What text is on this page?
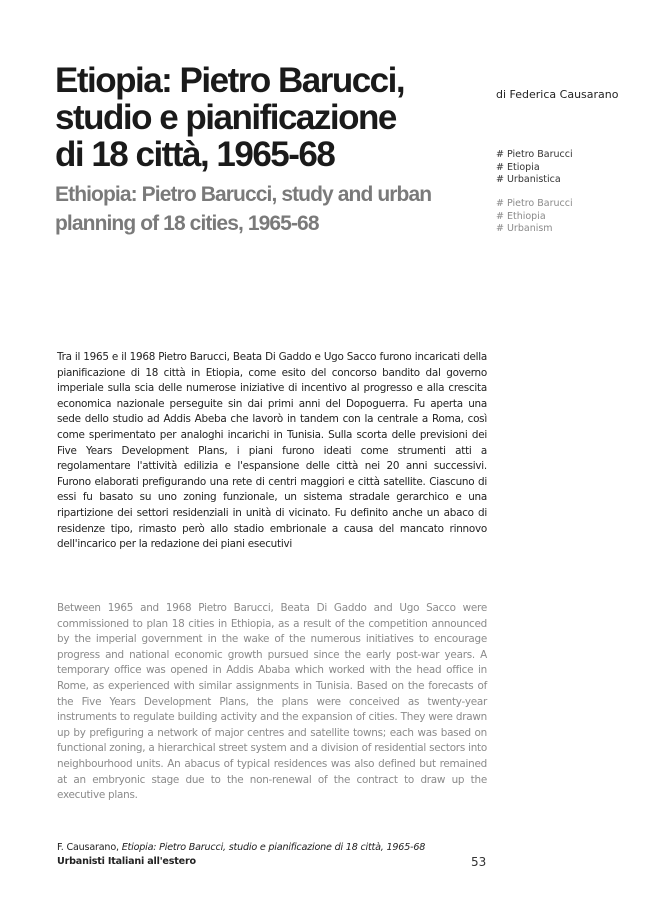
Etiopia: Pietro Barucci,
studio e pianificazione
di 18 città, 1965-68
Ethiopia: Pietro Barucci, study and urban
planning of 18 cities, 1965-68
di Federica Causarano
# Pietro Barucci
# Etiopia
# Urbanistica
# Pietro Barucci
# Ethiopia
# Urbanism

Tra il 1965 e il 1968 Pietro Barucci, Beata Di Gaddo e Ugo Sacco furono incaricati della pianificazione di 18 città in Etiopia, come esito del concorso bandito dal governo imperiale sulla scia delle numerose iniziative di incentivo al progresso e alla crescita economica nazionale perseguite sin dai primi anni del Dopoguerra. Fu aperta una sede dello studio ad Addis Abeba che lavorò in tandem con la centrale a Roma, così come sperimentato per analoghi incarichi in Tunisia. Sulla scorta delle previsioni dei Five Years Development Plans, i piani furono ideati come strumenti atti a regolamentare l'attività edilizia e l'espansione delle città nei 20 anni successivi. Furono elaborati prefigurando una rete di centri maggiori e città satellite. Ciascuno di essi fu basato su uno zoning funzionale, un sistema stradale gerarchico e una ripartizione dei settori residenziali in unità di vicinato. Fu definito anche un abaco di residenze tipo, rimasto però allo stadio embrionale a causa del mancato rinnovo dell'incarico per la redazione dei piani esecutivi

Between 1965 and 1968 Pietro Barucci, Beata Di Gaddo and Ugo Sacco were commissioned to plan 18 cities in Ethiopia, as a result of the competition announced by the imperial government in the wake of the numerous initiatives to encourage progress and national economic growth pursued since the early post-war years. A temporary office was opened in Addis Ababa which worked with the head office in Rome, as experienced with similar assignments in Tunisia. Based on the forecasts of the Five Years Development Plans, the plans were conceived as twenty-year instruments to regulate building activity and the expansion of cities. They were drawn up by prefiguring a network of major centres and satellite towns; each was based on functional zoning, a hierarchical street system and a division of residential sectors into neighbourhood units. An abacus of typical residences was also defined but remained at an embryonic stage due to the non-renewal of the contract to draw up the executive plans.

F. Causarano, Etiopia: Pietro Barucci, studio e pianificazione di 18 città, 1965-68
Urbanisti Italiani all'estero	53
